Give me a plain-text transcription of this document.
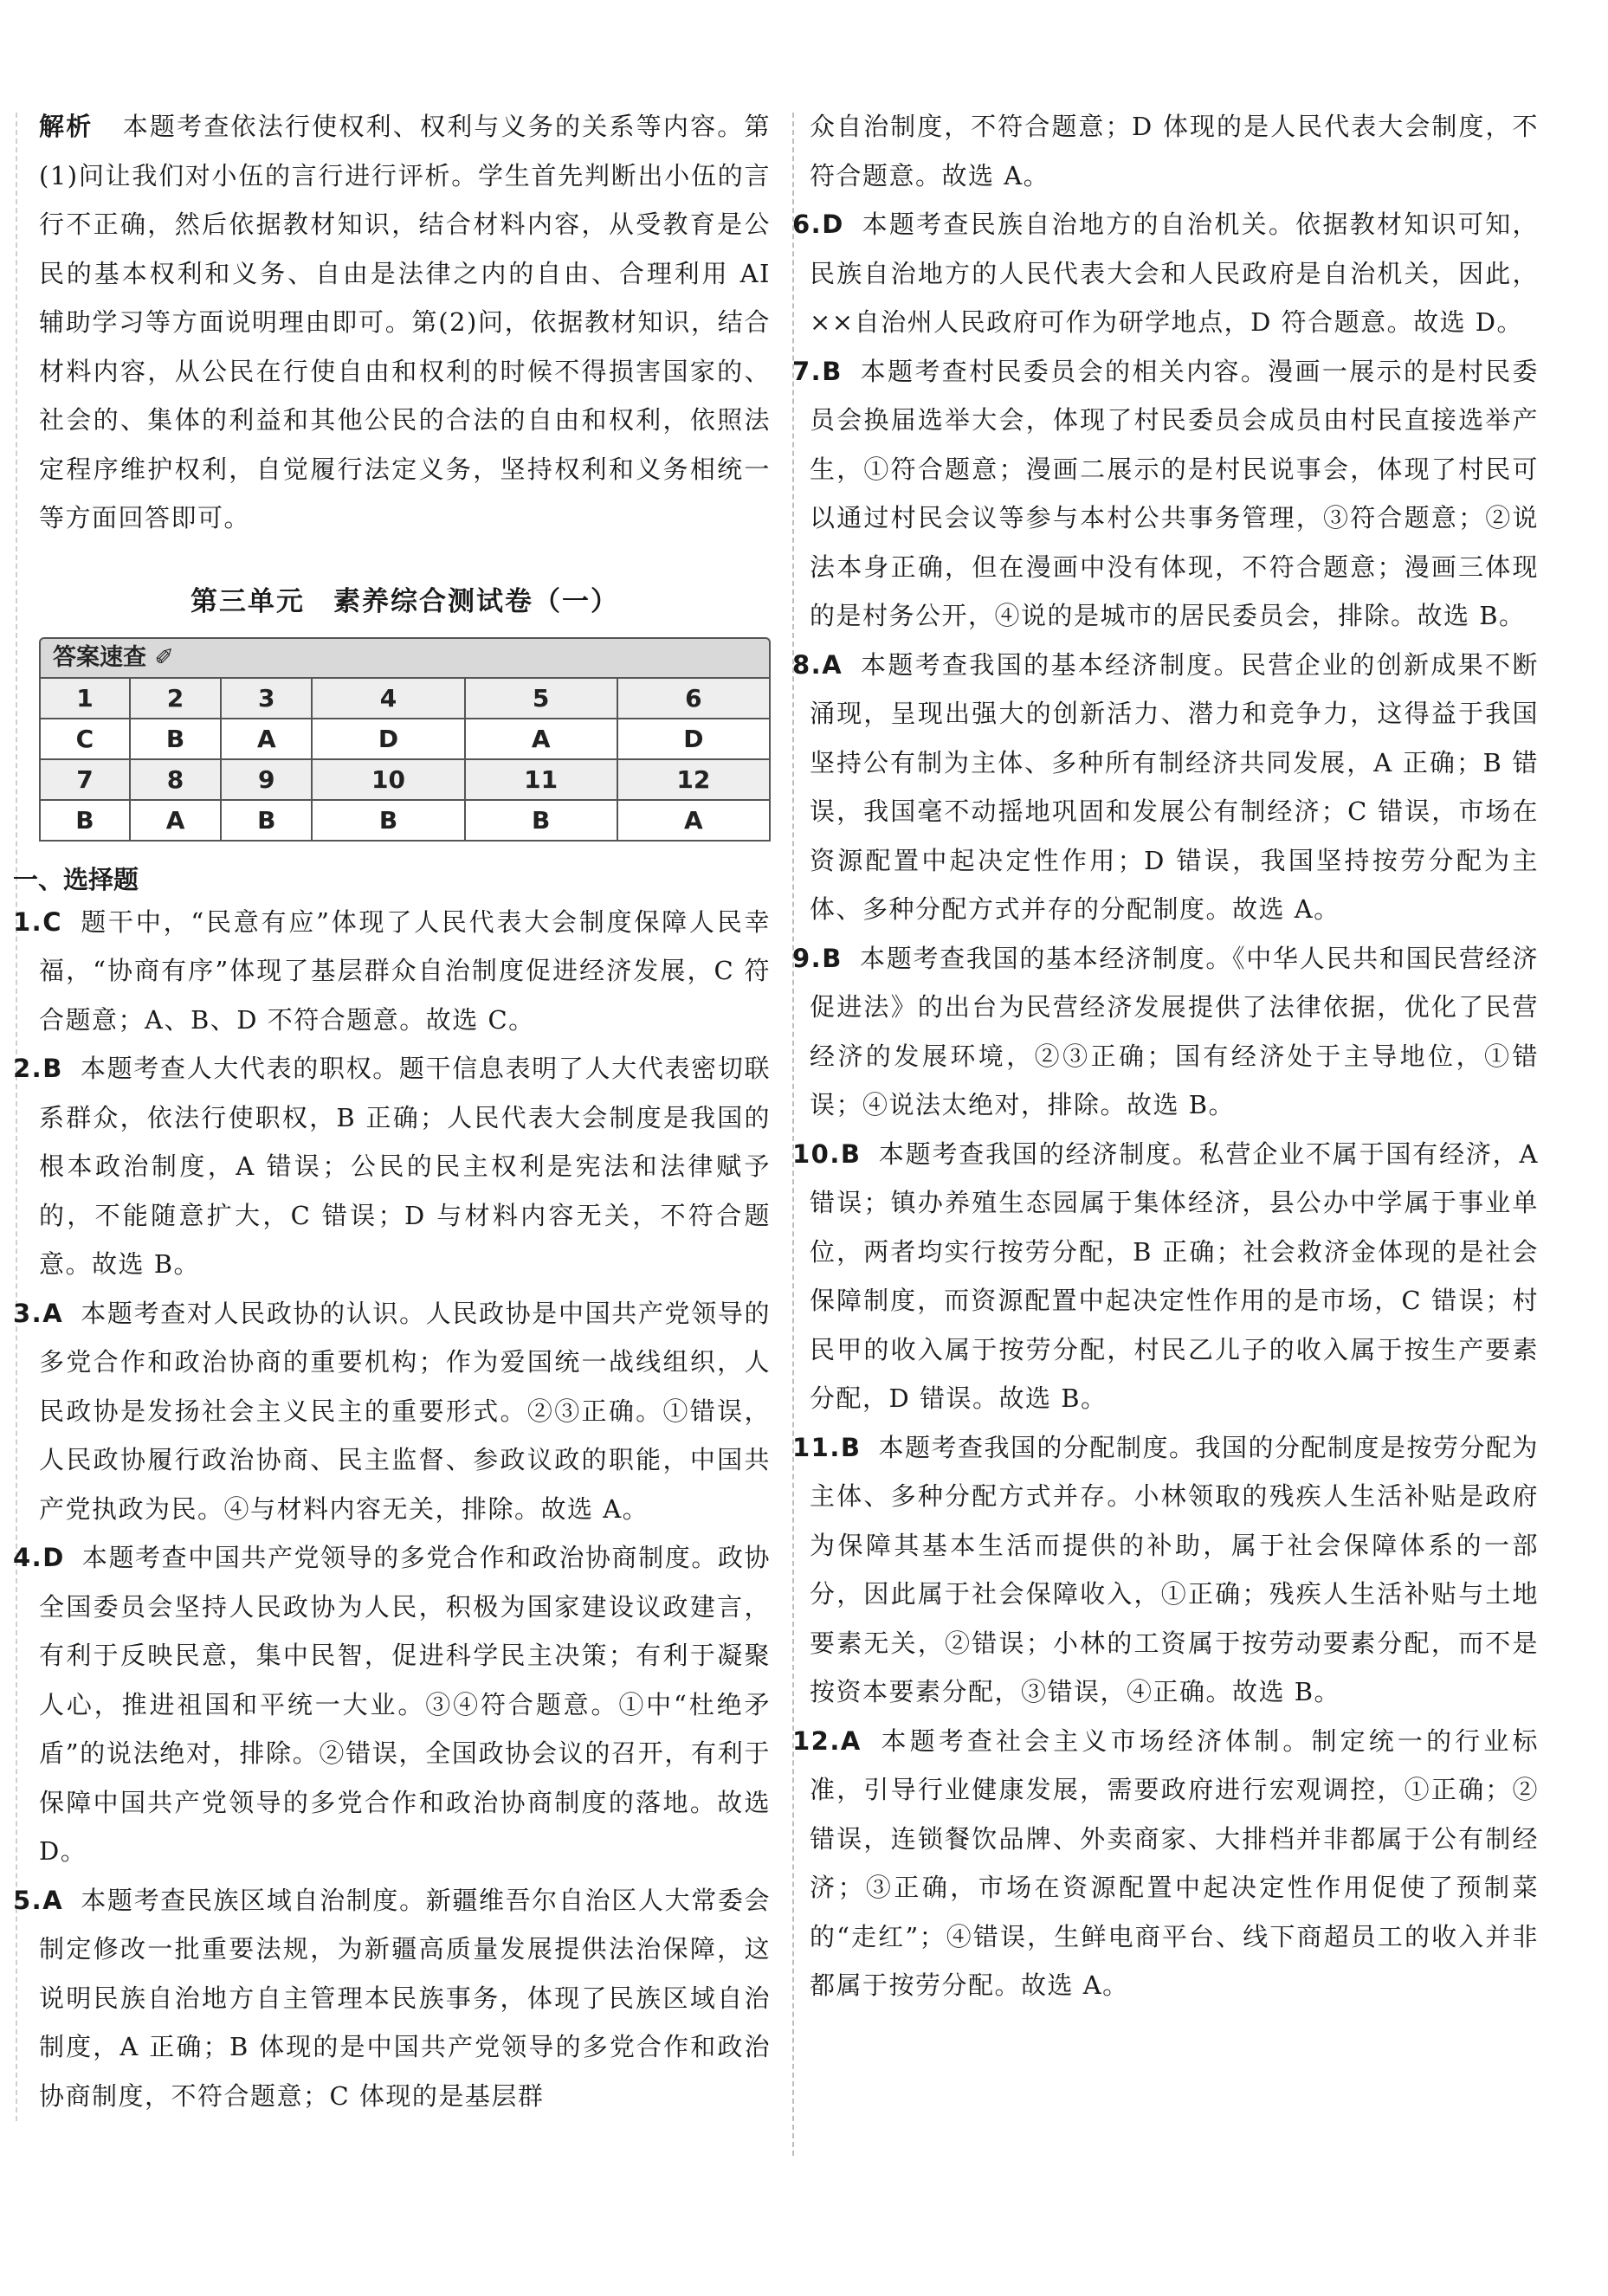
解析 本题考查依法行使权利、权利与义务的关系等内容。第(1)问让我们对小伍的言行进行评析。学生首先判断出小伍的言行不正确，然后依据教材知识，结合材料内容，从受教育是公民的基本权利和义务、自由是法律之内的自由、合理利用 AI 辅助学习等方面说明理由即可。第(2)问，依据教材知识，结合材料内容，从公民在行使自由和权利的时候不得损害国家的、社会的、集体的利益和其他公民的合法的自由和权利，依照法定程序维护权利，自觉履行法定义务，坚持权利和义务相统一等方面回答即可。

第三单元　素养综合测试卷（一）
答案速查 ✐
1	2	3	4	5	6
C	B	A	D	A	D
7	8	9	10	11	12
B	A	B	B	B	A
一、选择题

1.C 题干中，“民意有应”体现了人民代表大会制度保障人民幸福，“协商有序”体现了基层群众自治制度促进经济发展，C 符合题意；A、B、D 不符合题意。故选 C。

2.B 本题考查人大代表的职权。题干信息表明了人大代表密切联系群众，依法行使职权，B 正确；人民代表大会制度是我国的根本政治制度，A 错误；公民的民主权利是宪法和法律赋予的，不能随意扩大，C 错误；D 与材料内容无关，不符合题意。故选 B。

3.A 本题考查对人民政协的认识。人民政协是中国共产党领导的多党合作和政治协商的重要机构；作为爱国统一战线组织，人民政协是发扬社会主义民主的重要形式。②③正确。①错误，人民政协履行政治协商、民主监督、参政议政的职能，中国共产党执政为民。④与材料内容无关，排除。故选 A。

4.D 本题考查中国共产党领导的多党合作和政治协商制度。政协全国委员会坚持人民政协为人民，积极为国家建设议政建言，有利于反映民意，集中民智，促进科学民主决策；有利于凝聚人心，推进祖国和平统一大业。③④符合题意。①中“杜绝矛盾”的说法绝对，排除。②错误，全国政协会议的召开，有利于保障中国共产党领导的多党合作和政治协商制度的落地。故选 D。

5.A 本题考查民族区域自治制度。新疆维吾尔自治区人大常委会制定修改一批重要法规，为新疆高质量发展提供法治保障，这说明民族自治地方自主管理本民族事务，体现了民族区域自治制度，A 正确；B 体现的是中国共产党领导的多党合作和政治协商制度，不符合题意；C 体现的是基层群

众自治制度，不符合题意；D 体现的是人民代表大会制度，不符合题意。故选 A。

6.D 本题考查民族自治地方的自治机关。依据教材知识可知，民族自治地方的人民代表大会和人民政府是自治机关，因此，××自治州人民政府可作为研学地点，D 符合题意。故选 D。

7.B 本题考查村民委员会的相关内容。漫画一展示的是村民委员会换届选举大会，体现了村民委员会成员由村民直接选举产生，①符合题意；漫画二展示的是村民说事会，体现了村民可以通过村民会议等参与本村公共事务管理，③符合题意；②说法本身正确，但在漫画中没有体现，不符合题意；漫画三体现的是村务公开，④说的是城市的居民委员会，排除。故选 B。

8.A 本题考查我国的基本经济制度。民营企业的创新成果不断涌现，呈现出强大的创新活力、潜力和竞争力，这得益于我国坚持公有制为主体、多种所有制经济共同发展，A 正确；B 错误，我国毫不动摇地巩固和发展公有制经济；C 错误，市场在资源配置中起决定性作用；D 错误，我国坚持按劳分配为主体、多种分配方式并存的分配制度。故选 A。

9.B 本题考查我国的基本经济制度。《中华人民共和国民营经济促进法》的出台为民营经济发展提供了法律依据，优化了民营经济的发展环境，②③正确；国有经济处于主导地位，①错误；④说法太绝对，排除。故选 B。

10.B 本题考查我国的经济制度。私营企业不属于国有经济，A 错误；镇办养殖生态园属于集体经济，县公办中学属于事业单位，两者均实行按劳分配，B 正确；社会救济金体现的是社会保障制度，而资源配置中起决定性作用的是市场，C 错误；村民甲的收入属于按劳分配，村民乙儿子的收入属于按生产要素分配，D 错误。故选 B。

11.B 本题考查我国的分配制度。我国的分配制度是按劳分配为主体、多种分配方式并存。小林领取的残疾人生活补贴是政府为保障其基本生活而提供的补助，属于社会保障体系的一部分，因此属于社会保障收入，①正确；残疾人生活补贴与土地要素无关，②错误；小林的工资属于按劳动要素分配，而不是按资本要素分配，③错误，④正确。故选 B。

12.A 本题考查社会主义市场经济体制。制定统一的行业标准，引导行业健康发展，需要政府进行宏观调控，①正确；②错误，连锁餐饮品牌、外卖商家、大排档并非都属于公有制经济；③正确，市场在资源配置中起决定性作用促使了预制菜的“走红”；④错误，生鲜电商平台、线下商超员工的收入并非都属于按劳分配。故选 A。
